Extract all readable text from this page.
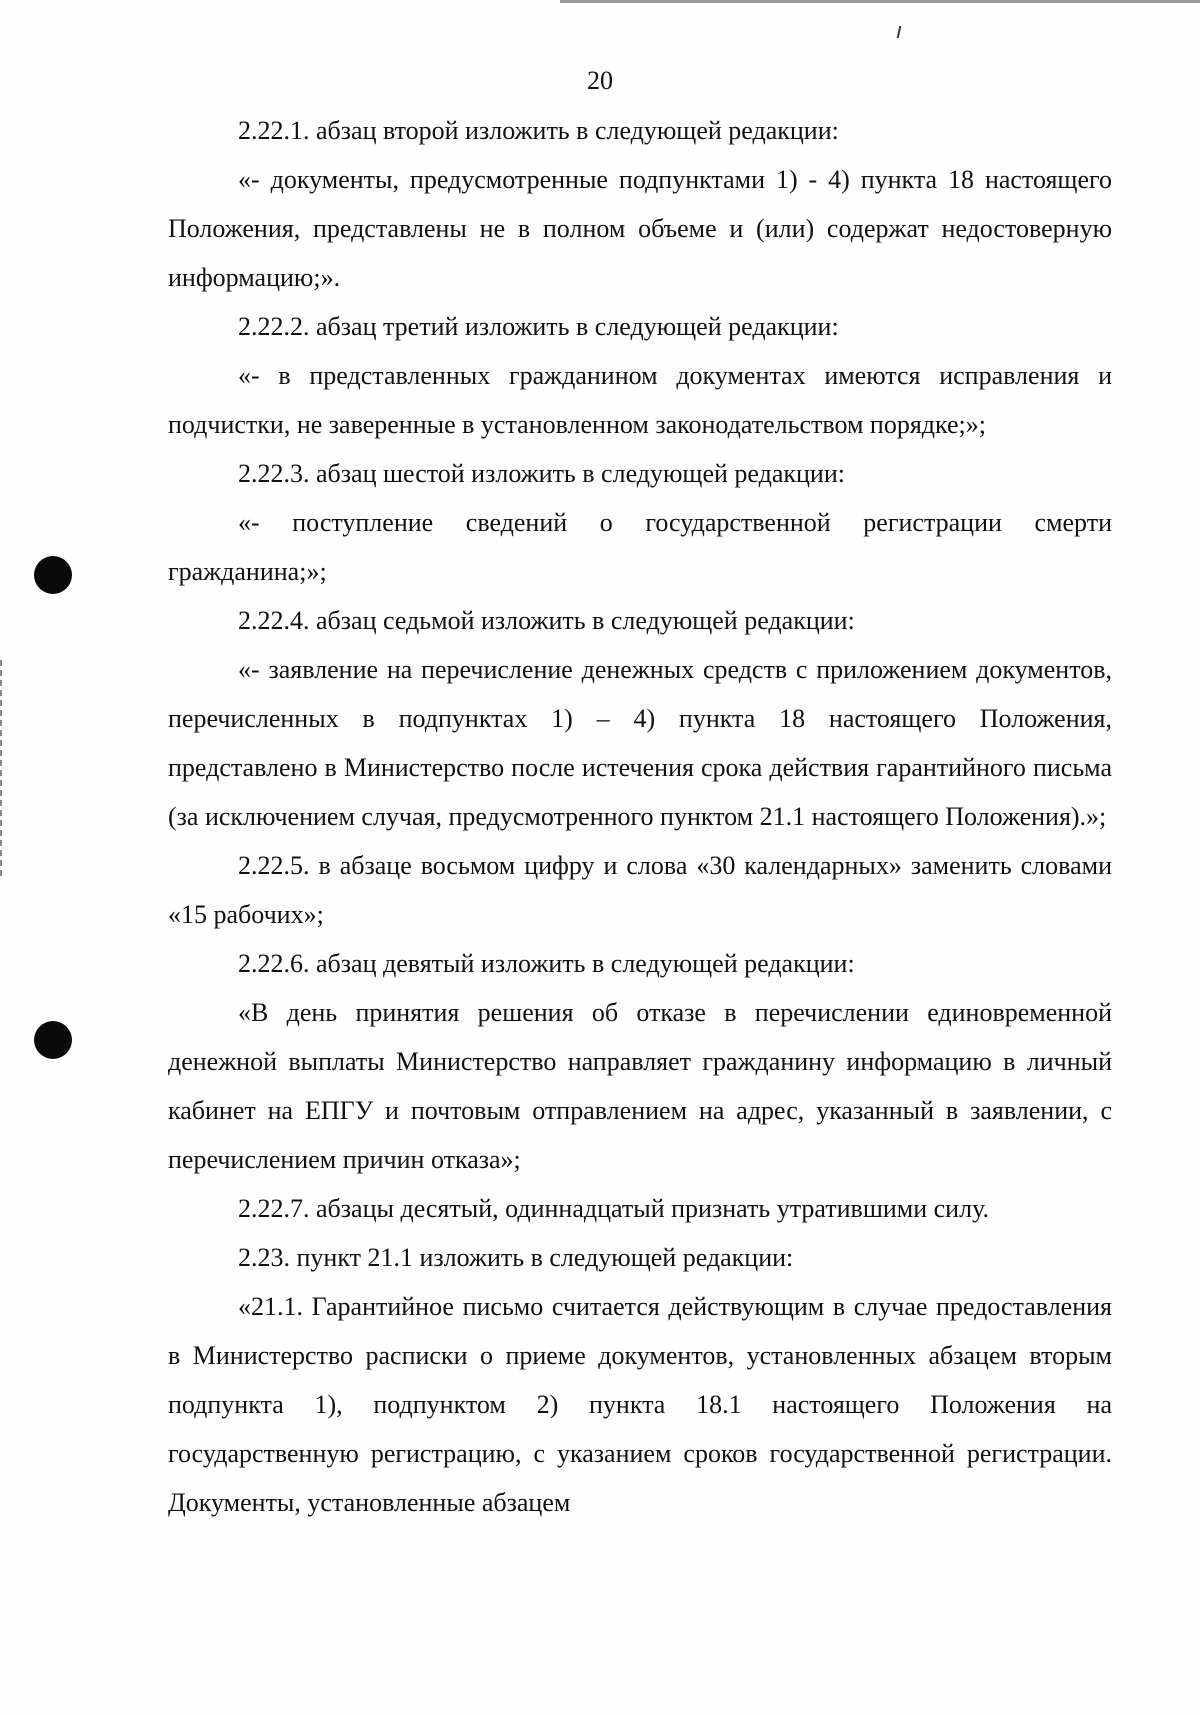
20

2.22.1. абзац второй изложить в следующей редакции:

«- документы, предусмотренные подпунктами 1) - 4) пункта 18 настоящего Положения, представлены не в полном объеме и (или) содержат недостоверную информацию;».

2.22.2. абзац третий изложить в следующей редакции:

«- в представленных гражданином документах имеются исправления и подчистки, не заверенные в установленном законодательством порядке;»;

2.22.3. абзац шестой изложить в следующей редакции:

«- поступление сведений о государственной регистрации смерти гражданина;»;

2.22.4. абзац седьмой изложить в следующей редакции:

«- заявление на перечисление денежных средств с приложением документов, перечисленных в подпунктах 1) – 4) пункта 18 настоящего Положения, представлено в Министерство после истечения срока действия гарантийного письма (за исключением случая, предусмотренного пунктом 21.1 настоящего Положения).»;

2.22.5. в абзаце восьмом цифру и слова «30 календарных» заменить словами «15 рабочих»;

2.22.6. абзац девятый изложить в следующей редакции:

«В день принятия решения об отказе в перечислении единовременной денежной выплаты Министерство направляет гражданину информацию в личный кабинет на ЕПГУ и почтовым отправлением на адрес, указанный в заявлении, с перечислением причин отказа»;

2.22.7. абзацы десятый, одиннадцатый признать утратившими силу.

2.23. пункт 21.1 изложить в следующей редакции:

«21.1. Гарантийное письмо считается действующим в случае предоставления в Министерство расписки о приеме документов, установленных абзацем вторым подпункта 1), подпунктом 2) пункта 18.1 настоящего Положения на государственную регистрацию, с указанием сроков государственной регистрации. Документы, установленные абзацем
